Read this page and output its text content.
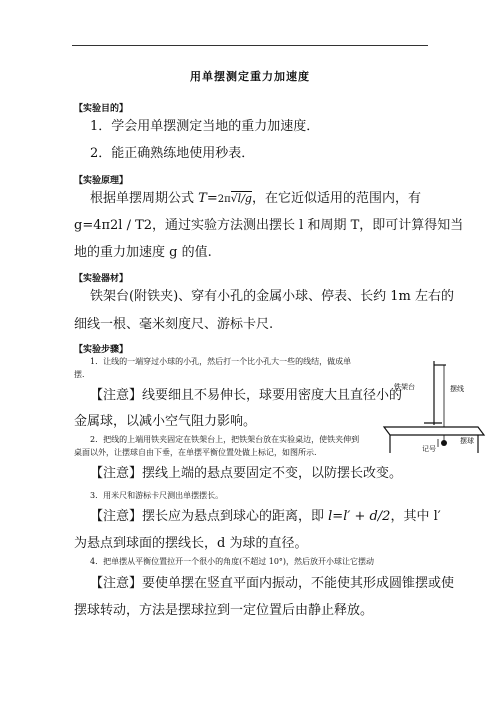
用单摆测定重力加速度
【实验目的】
1．学会用单摆测定当地的重力加速度．
2．能正确熟练地使用秒表．
【实验原理】
根据单摆周期公式 T=2π√l/g，在它近似适用的范围内，有
g=4π2l / T2，通过实验方法测出摆长 l 和周期 T，即可计算得知当
地的重力加速度 g 的值.
【实验器材】
铁架台(附铁夹)、穿有小孔的金属小球、停表、长约 1m 左右的
细线一根、毫米刻度尺、游标卡尺.
【实验步骤】
1．让线的一端穿过小球的小孔，然后打一个比小孔大一些的线结，做成单
摆．
【注意】线要细且不易伸长，球要用密度大且直径小的
金属球，以减小空气阻力影响。
2．把线的上端用铁夹固定在铁架台上，把铁架台放在实验桌边，使铁夹伸到
桌面以外，让摆球自由下垂，在单摆平衡位置处做上标记，如图所示.
【注意】摆线上端的悬点要固定不变，以防摆长改变。
3．用米尺和游标卡尺测出单摆摆长。
【注意】摆长应为悬点到球心的距离，即 l=l′ + d/2，其中 l′
为悬点到球面的摆线长，d 为球的直径。
4．把单摆从平衡位置拉开一个很小的角度(不超过 10°)，然后放开小球让它摆动
【注意】要使单摆在竖直平面内振动，不能使其形成圆锥摆或使
摆球转动，方法是摆球拉到一定位置后由静止释放。
铁架台	摆线
摆球
记号
